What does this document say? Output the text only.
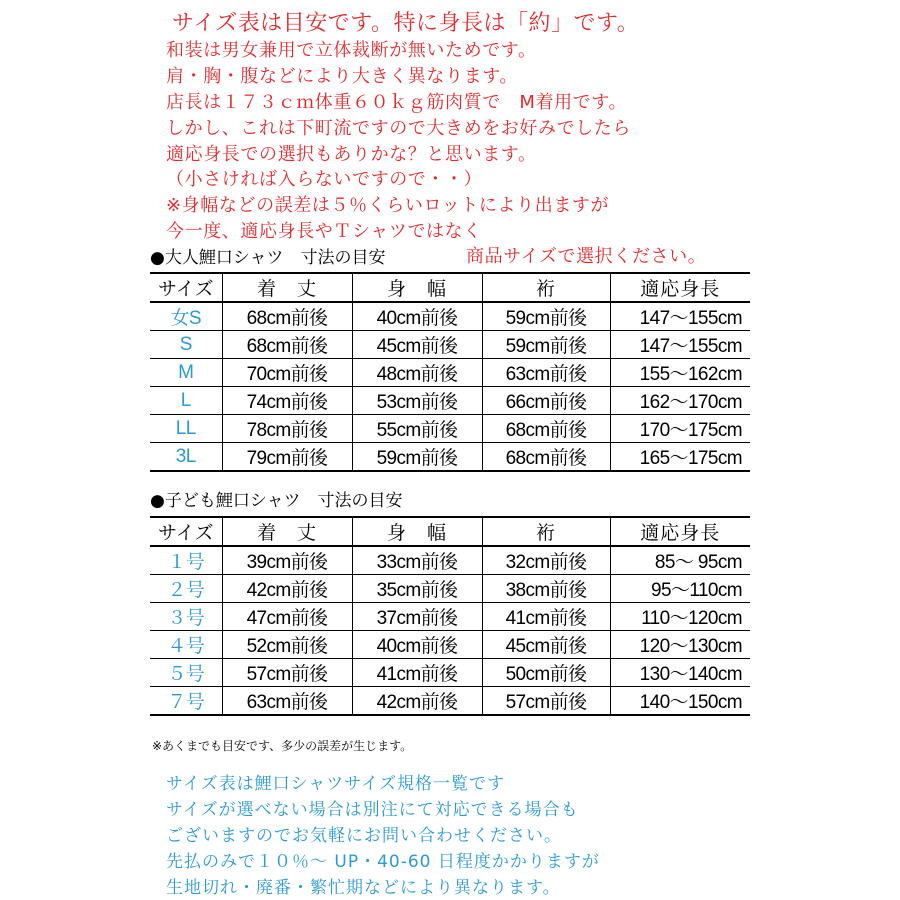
サイズ表は目安です。特に身長は「約」です。
和装は男女兼用で立体裁断が無いためです。
肩・胸・腹などにより大きく異なります。
店長は１７３ｃｍ体重６０ｋｇ筋肉質で　M着用です。
しかし、これは下町流ですので大きめをお好みでしたら
適応身長での選択もありかな？と思います。
（小さければ入らないですので・・）
※身幅などの誤差は５％くらいロットにより出ますが
今一度、適応身長やＴシャツではなく
商品サイズで選択ください。
●大人鯉口シャツ　寸法の目安
サイズ	着　丈	身　幅	裄	適応身長
女S	68cm前後	40cm前後	59cm前後	147〜155cm
S	68cm前後	45cm前後	59cm前後	147〜155cm
M	70cm前後	48cm前後	63cm前後	155〜162cm
L	74cm前後	53cm前後	66cm前後	162〜170cm
LL	78cm前後	55cm前後	68cm前後	170〜175cm
3L	79cm前後	59cm前後	68cm前後	165〜175cm
●子ども鯉口シャツ　寸法の目安
サイズ	着　丈	身　幅	裄	適応身長
１号	39cm前後	33cm前後	32cm前後	85〜 95cm
２号	42cm前後	35cm前後	38cm前後	95〜110cm
３号	47cm前後	37cm前後	41cm前後	110〜120cm
４号	52cm前後	40cm前後	45cm前後	120〜130cm
５号	57cm前後	41cm前後	50cm前後	130〜140cm
７号	63cm前後	42cm前後	57cm前後	140〜150cm
※あくまでも目安です、多少の誤差が生じます。
サイズ表は鯉口シャツサイズ規格一覧です
サイズが選べない場合は別注にて対応できる場合も
ございますのでお気軽にお問い合わせください。
先払のみで１０％〜 UP・40-60 日程度かかりますが
生地切れ・廃番・繁忙期などにより異なります。
